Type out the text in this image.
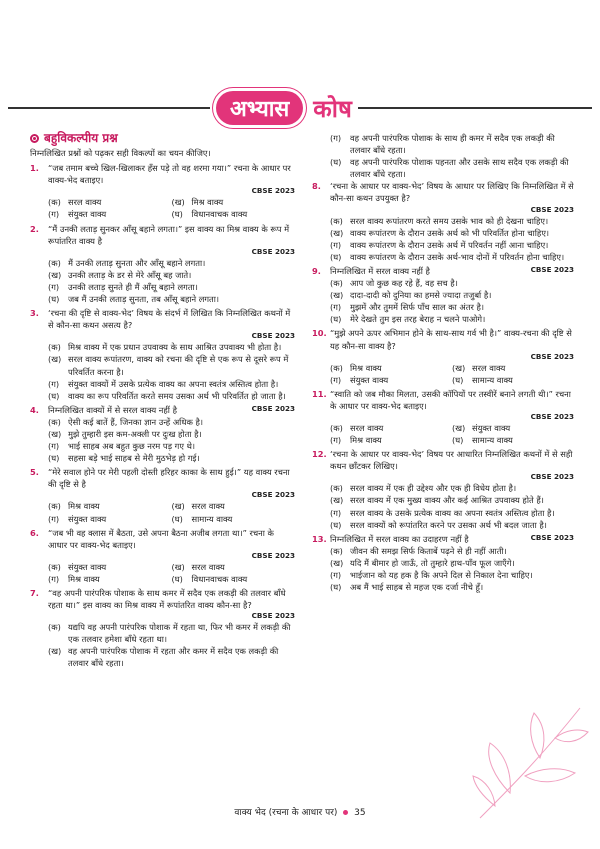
अभ्यास	कोष
बहुविकल्पीय प्रश्न
निम्नलिखित प्रश्नों को पढ़कर सही विकल्पों का चयन कीजिए।
1.	“जब तमाम बच्चे खिल-खिलाकर हँस पड़े तो वह शरमा गया।” रचना के आधार पर वाक्य-भेद बताइए।
CBSE 2023
(क) सरल वाक्य	(ख) मिश्र वाक्य
(ग)	संयुक्त वाक्य	(घ)	विधानवाचक वाक्य
2.	“मैं उनकी लताड़ सुनकर आँसू बहाने लगता।” इस वाक्य का मिश्र वाक्य के रूप में रूपांतरित वाक्य है
CBSE 2023
(क) मैं उनकी लताड़ सुनता और आँसू बहाने लगता।
(ख) उनकी लताड़ के डर से मेरे आँसू बह जाते।
(ग)	उनकी लताड़ सुनते ही मैं आँसू बहाने लगता।
(घ)	जब मैं उनकी लताड़ सुनता, तब आँसू बहाने लगता।
3.	‘रचना की दृष्टि से वाक्य-भेद’ विषय के संदर्भ में लिखित कि निम्नलिखित कथनों में से कौन-सा कथन असत्य है?
CBSE 2023
(क) मिश्र वाक्य में एक प्रधान उपवाक्य के साथ आश्रित उपवाक्य भी होता है।
(ख) सरल वाक्य रूपांतरण, वाक्य को रचना की दृष्टि से एक रूप से दूसरे रूप में परिवर्तित करना है।
(ग)	संयुक्त वाक्यों में उसके प्रत्येक वाक्य का अपना स्वतंत्र अस्तित्व होता है।
(घ)	वाक्य का रूप परिवर्तित करते समय उसका अर्थ भी परिवर्तित हो जाता है।
4.	CBSE 2023
निम्नलिखित वाक्यों में से सरल वाक्य नहीं है
(क) ऐसी कई बातें हैं, जिनका ज्ञान उन्हें अधिक है।
(ख) मुझे तुम्हारी इस कम-अक्ली पर दुःख होता है।
(ग)	भाई साहब अब बहुत कुछ नरम पड़ गए थे।
(घ)	सहसा बड़े भाई साहब से मेरी मुठभेड़ हो गई।
5.	“मेरे सवाल होने पर मेरी पहली दोस्ती हरिहर काका के साथ हुई।” यह वाक्य रचना की दृष्टि से है
CBSE 2023
(क) मिश्र वाक्य	(ख) सरल वाक्य
(ग)	संयुक्त वाक्य	(घ)	सामान्य वाक्य
6.	“जब भी वह क्लास में बैठता, उसे अपना बैठना अजीब लगता था।” रचना के आधार पर वाक्य-भेद बताइए।
CBSE 2023
(क) संयुक्त वाक्य	(ख) सरल वाक्य
(ग)	मिश्र वाक्य	(घ)	विधानवाचक वाक्य
7.	“वह अपनी पारंपरिक पोशाक के साथ कमर में सदैव एक लकड़ी की तलवार बाँधे रहता था।” इस वाक्य का मिश्र वाक्य में रूपांतरित वाक्य कौन-सा है?
CBSE 2023
(क) यद्यपि वह अपनी पारंपरिक पोशाक में रहता था, फिर भी कमर में लकड़ी की एक तलवार हमेशा बाँधे रहता था।
(ख) वह अपनी पारंपरिक पोशाक में रहता और कमर में सदैव एक लकड़ी की तलवार बाँधे रहता।
(ग)	वह अपनी पारंपरिक पोशाक के साथ ही कमर में सदैव एक लकड़ी की तलवार बाँधे रहता।
(घ)	वह अपनी पारंपरिक पोशाक पहनता और उसके साथ सदैव एक लकड़ी की तलवार बाँधे रहता।
8.	‘रचना के आधार पर वाक्य-भेद’ विषय के आधार पर लिखिए कि निम्नलिखित में से कौन-सा कथन उपयुक्त है?
CBSE 2023
(क) सरल वाक्य रूपांतरण करते समय उसके भाव को ही देखना चाहिए।
(ख) वाक्य रूपांतरण के दौरान उसके अर्थ को भी परिवर्तित होना चाहिए।
(ग)	वाक्य रूपांतरण के दौरान उसके अर्थ में परिवर्तन नहीं आना चाहिए।
(घ)	वाक्य रूपांतरण के दौरान उसके अर्थ-भाव दोनों में परिवर्तन होना चाहिए।
9.	CBSE 2023
निम्नलिखित में सरल वाक्य नहीं है
(क) आप जो कुछ कह रहे हैं, वह सच है।
(ख) दादा-दादी को दुनिया का हमसे ज्यादा तजुर्बा है।
(ग)	मुझमें और तुममें सिर्फ पाँच साल का अंतर है।
(घ)	मेरे देखते तुम इस तरह बेराह न चलने पाओगे।
10. “मुझे अपने ऊपर अभिमान होने के साथ-साथ गर्व भी है।” वाक्य-रचना की दृष्टि से यह कौन-सा वाक्य है?
CBSE 2023
(क) मिश्र वाक्य	(ख) सरल वाक्य
(ग)	संयुक्त वाक्य	(घ)	सामान्य वाक्य
11. “स्वाति को जब मौका मिलता, उसकी कॉपियों पर तस्वीरें बनाने लगती थी।” रचना के आधार पर वाक्य-भेद बताइए।
CBSE 2023
(क) सरल वाक्य	(ख) संयुक्त वाक्य
(ग)	मिश्र वाक्य	(घ)	सामान्य वाक्य
12. ‘रचना के आधार पर वाक्य-भेद’ विषय पर आधारित निम्नलिखित कथनों में से सही कथन छाँटकर लिखिए।
CBSE 2023
(क) सरल वाक्य में एक ही उद्देश्य और एक ही विधेय होता है।
(ख) सरल वाक्य में एक मुख्य वाक्य और कई आश्रित उपवाक्य होते हैं।
(ग)	सरल वाक्य के उसके प्रत्येक वाक्य का अपना स्वतंत्र अस्तित्व होता है।
(घ)	सरल वाक्यों को रूपांतरित करने पर उसका अर्थ भी बदल जाता है।
13.	CBSE 2023
निम्नलिखित में सरल वाक्य का उदाहरण नहीं है
(क) जीवन की समझ सिर्फ किताबें पढ़ने से ही नहीं आती।
(ख) यदि मैं बीमार हो जाऊँ, तो तुम्हारे हाथ-पाँव फूल जाएँगे।
(ग)	भाईजान को यह हक है कि अपने दिल से निकाल देना चाहिए।
(घ)	अब मैं भाई साहब से महज एक दर्जा नीचे हूँ।
वाक्य भेद (रचना के आधार पर) 35
